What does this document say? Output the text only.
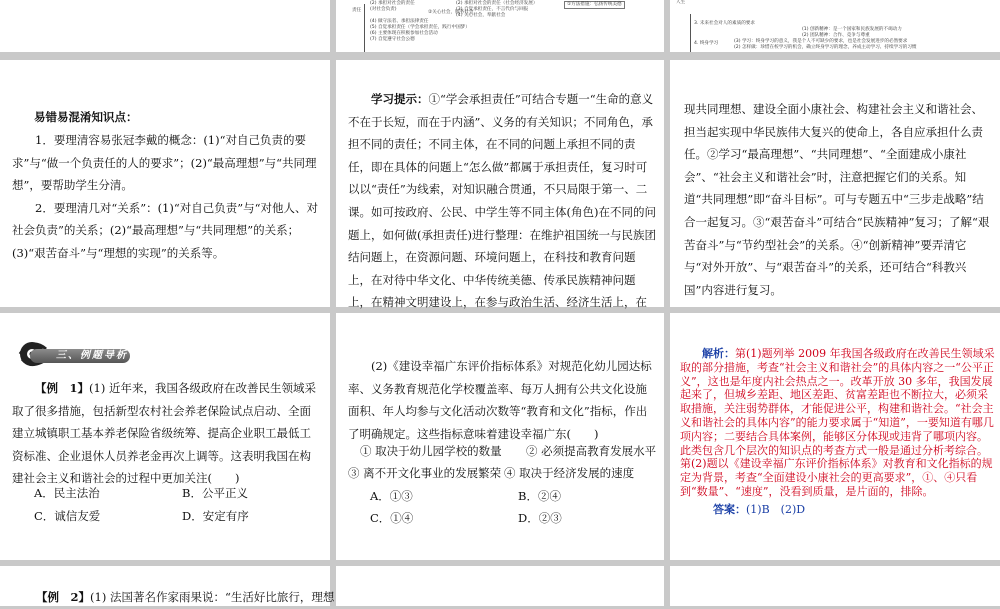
责任
(2) 承担对社会的责任
(对社会负责)
(4) 做守法者、承担法律责任
(5) 自觉承担责任（学会承担责任，践行中国梦）
(6) 主要体现在积极参加社会活动
(7) 自觉遵守社会公德
(2) 承担对社会的责任（社会经济发展）
(3) 自觉承担责任，不言代价与回报
(4) 关心社会，奉献社会
①方法措施：弘扬传统美德
②关心社会，服务社会
人生
3. 未来社会对人的素质的要求
4. 终身学习
(1) 创新精神：是一个国家和民族发展的不竭动力
(2) 团队精神：合作、竞争与尊重
(3) 学习：终身学习的意义，我是个人不可缺少的要求，也是社会发展进步的必然要求
(2) 怎样做：珍惜在校学习的机会，确立终身学习的理念，养成主动学习、持续学习的习惯

易错易混淆知识点：

1．要理清容易张冠李戴的概念：(1)“对自己负责的要求”与“做一个负责任的人的要求”；(2)“最高理想”与“共同理想”，要帮助学生分清。

2．要理清几对“关系”：(1)“对自己负责”与“对他人、对社会负责”的关系；(2)“最高理想”与“共同理想”的关系；(3)“艰苦奋斗”与“理想的实现”的关系等。

学习提示：①“学会承担责任”可结合专题一“生命的意义不在于长短，而在于内涵”、义务的有关知识；不同角色，承担不同的责任；不同主体，在不同的问题上承担不同的责任，即在具体的问题上“怎么做”都属于承担责任，复习时可以以“责任”为线索，对知识融合贯通，不只局限于第一、二课。如可按政府、公民、中学生等不同主体(角色)在不同的问题上，如何做(承担责任)进行整理：在维护祖国统一与民族团结问题上，在资源问题、环境问题上，在科技和教育问题上，在对待中华文化、中华传统美德、传承民族精神问题上，在精神文明建设上，在参与政治生活、经济生活上，在

现共同理想、建设全面小康社会、构建社会主义和谐社会、担当起实现中华民族伟大复兴的使命上，各自应承担什么责任。②学习“最高理想”、“共同理想”、“全面建成小康社会”、“社会主义和谐社会”时，注意把握它们的关系。知道“共同理想”即“奋斗目标”。可与专题五中“三步走战略”结合一起复习。③“艰苦奋斗”可结合“民族精神”复习；了解“艰苦奋斗”与“节约型社会”的关系。④“创新精神”要弄清它与“对外开放”、与“艰苦奋斗”的关系，还可结合“科教兴国”内容进行复习。

三、例题导析

【例　1】(1) 近年来，我国各级政府在改善民生领域采取了很多措施，包括新型农村社会养老保险试点启动、全面建立城镇职工基本养老保险省级统筹、提高企业职工最低工资标准、企业退休人员养老金再次上调等。这表明我国在构建社会主义和谐社会的过程中更加关注(　　)

A．民主法治	B．公平正义
C．诚信友爱	D．安定有序

(2)《建设幸福广东评价指标体系》对规范化幼儿园达标率、义务教育规范化学校覆盖率、每万人拥有公共文化设施面积、年人均参与文化活动次数等“教育和文化”指标，作出了明确规定。这些指标意味着建设幸福广东(　　)

① 取决于幼儿园学校的数量 ② 必须提高教育发展水平
③ 离不开文化事业的发展繁荣 ④ 取决于经济发展的速度
A．①③	B．②④
C．①④	D．②③

解析：第(1)题列举 2009 年我国各级政府在改善民生领域采取的部分措施，考查“社会主义和谐社会”的具体内容之一“公平正义”，这也是年度内社会热点之一。改革开放 30 多年，我国发展起来了，但城乡差距、地区差距、贫富差距也不断拉大，必须采取措施，关注弱势群体，才能促进公平，构建和谐社会。“社会主义和谐社会的具体内容”的能力要求属于“知道”，一要知道有哪几项内容；二要结合具体案例，能够区分体现或违背了哪项内容。此类包含几个层次的知识点的考查方式一般是通过分析考综合。第(2)题以《建设幸福广东评价指标体系》对教育和文化指标的规定为背景，考查“全面建设小康社会的更高要求”，①、④只看到“数量”、“速度”，没看到质量，是片面的，排除。

答案：(1)B　(2)D

【例　2】(1) 法国著名作家雨果说：“生活好比旅行，理想
